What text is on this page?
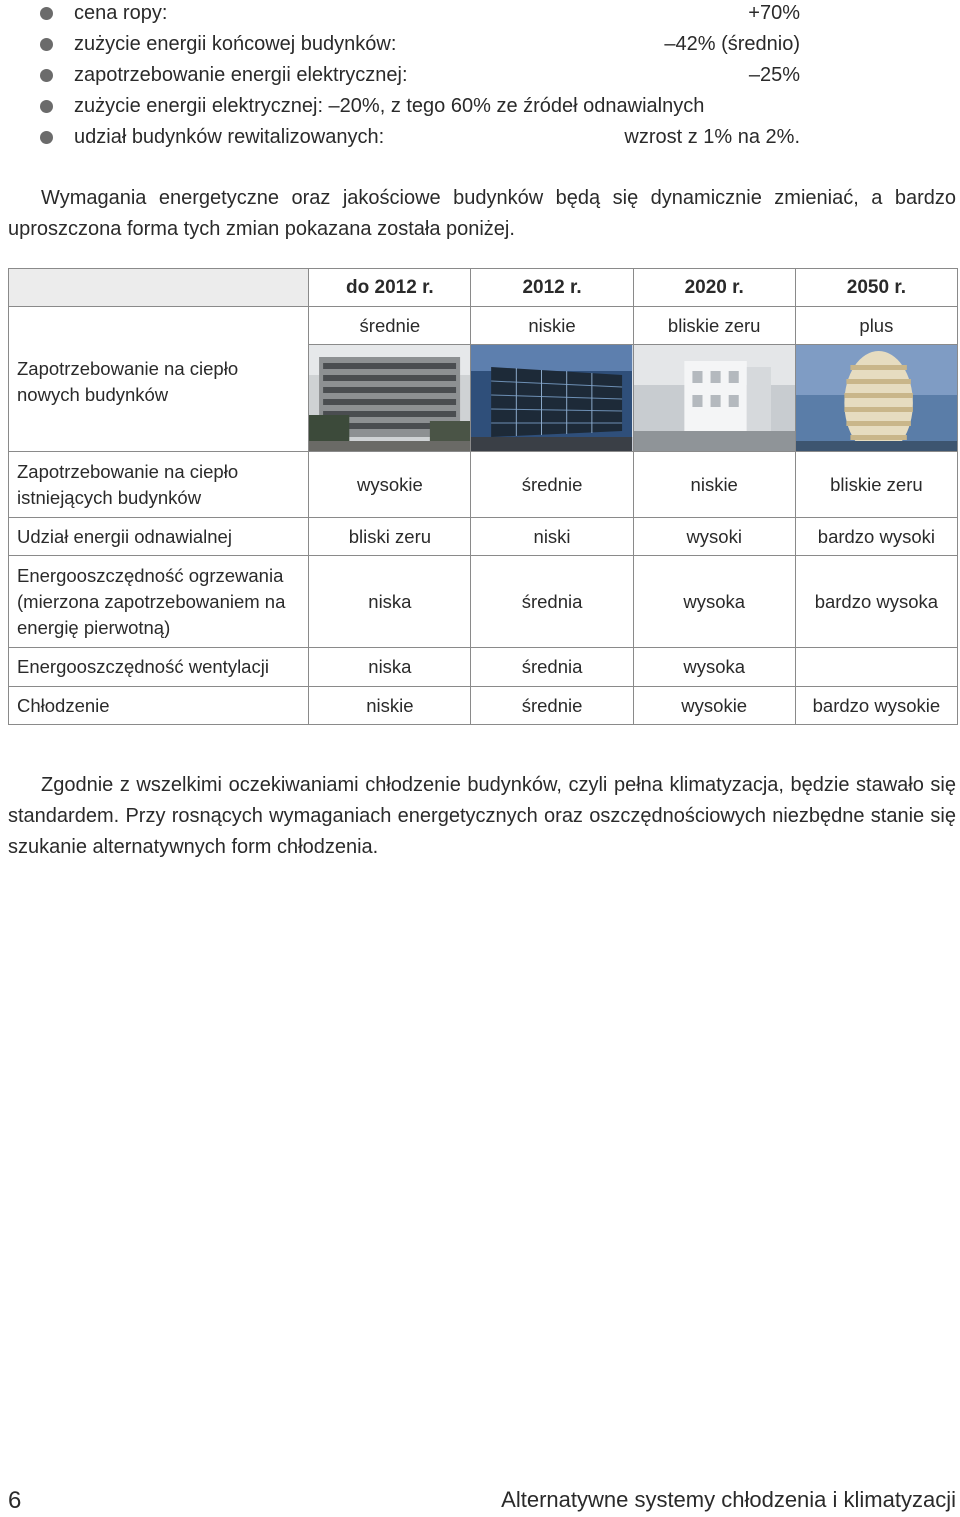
cena ropy:	+70%
zużycie energii końcowej budynków:	–42% (średnio)
zapotrzebowanie energii elektrycznej:	–25%
zużycie energii elektrycznej: –20%, z tego 60% ze źródeł odnawialnych
udział budynków rewitalizowanych:	wzrost z 1% na 2%.

Wymagania energetyczne oraz jakościowe budynków będą się dynamicznie zmieniać, a bardzo uproszczona forma tych zmian pokazana została poniżej.

	do 2012 r.	2012 r.	2020 r.	2050 r.
Zapotrzebowanie na ciepło nowych budynków	średnie	niskie	bliskie zeru	plus

Zapotrzebowanie na ciepło istniejących budynków	wysokie	średnie	niskie	bliskie zeru
Udział energii odnawialnej	bliski zeru	niski	wysoki	bardzo wysoki
Energooszczędność ogrzewania (mierzona zapotrzebowaniem na energię pierwotną)	niska	średnia	wysoka	bardzo wysoka
Energooszczędność wentylacji	niska	średnia	wysoka	
Chłodzenie	niskie	średnie	wysokie	bardzo wysokie

Zgodnie z wszelkimi oczekiwaniami chłodzenie budynków, czyli pełna klimatyzacja, będzie stawało się standardem. Przy rosnących wymaganiach energetycznych oraz oszczędnościowych niezbędne stanie się szukanie alternatywnych form chłodzenia.

6	Alternatywne systemy chłodzenia i klimatyzacji
